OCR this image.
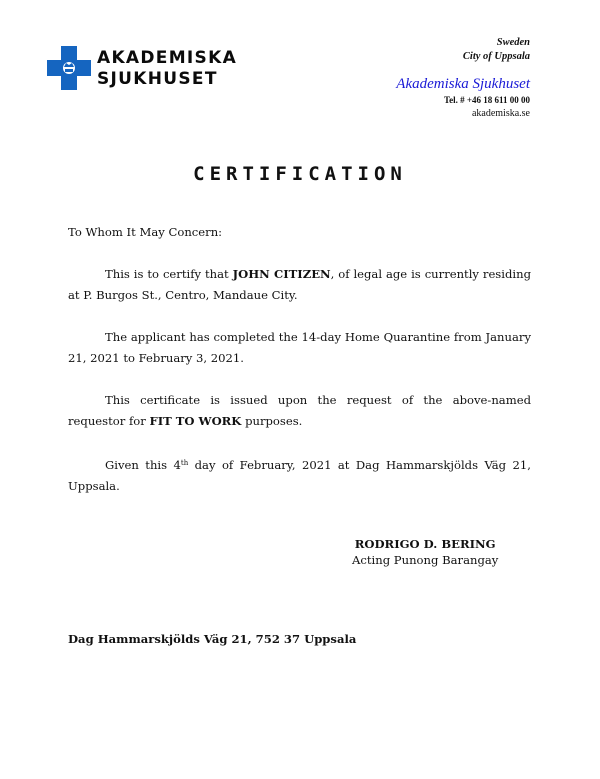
AKADEMISKA
SJUKHUSET
Sweden
City of Uppsala
Akademiska Sjukhuset
Tel. # +46 18 611 00 00
akademiska.se
CERTIFICATION

To Whom It May Concern:

This is to certify that JOHN CITIZEN, of legal age is currently residing at P. Burgos St., Centro, Mandaue City.

The applicant has completed the 14-day Home Quarantine from January 21, 2021 to February 3, 2021.

This certificate is issued upon the request of the above-named requestor for FIT TO WORK purposes.

Given this 4th day of February, 2021 at Dag Hammarskjölds Väg 21, Uppsala.

RODRIGO D. BERING
Acting Punong Barangay
Dag Hammarskjölds Väg 21, 752 37 Uppsala
